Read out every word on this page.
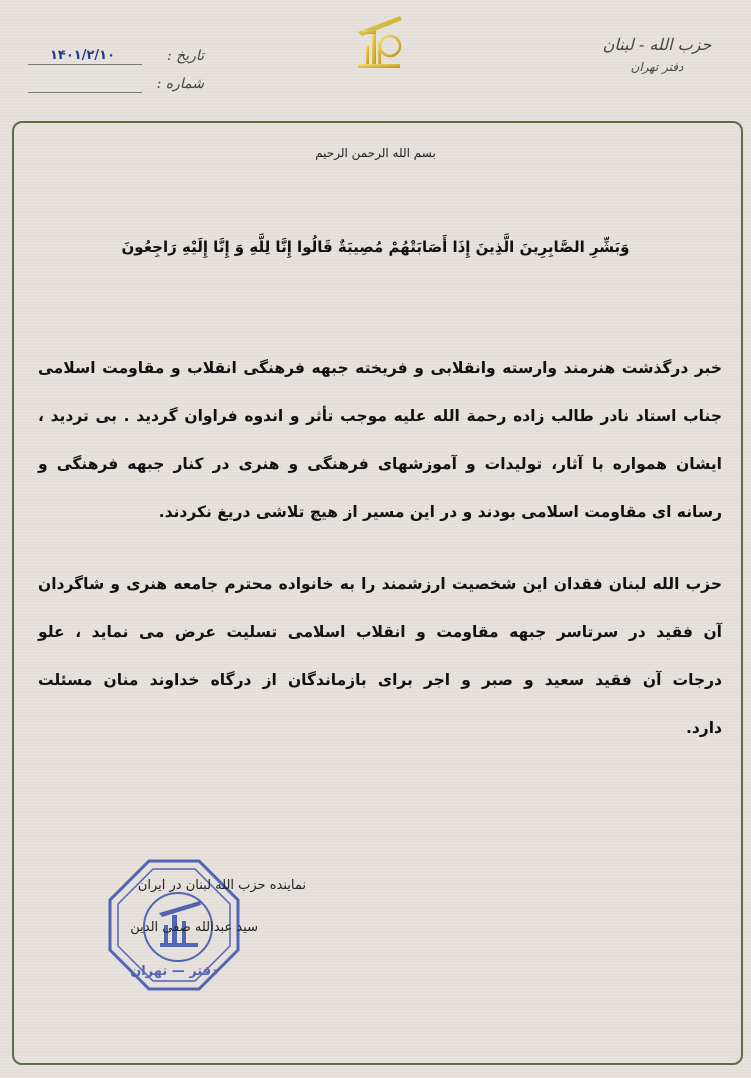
۱۴۰۱/۲/۱۰	تاریخ :
شماره :
حزب الله - لبنان
دفتر تهران
بسم الله الرحمن الرحیم
وَبَشِّرِ الصَّابِرِینَ الَّذِینَ إِذَا أَصَابَتْهُمْ مُصِیبَةٌ قَالُوا إِنَّا لِلَّهِ وَ إِنَّا إِلَیْهِ رَاجِعُونَ
خبر درگذشت هنرمند وارسته وانقلابی و فریخته جبهه فرهنگی انقلاب و مقاومت اسلامی
جناب استاد نادر طالب زاده رحمة الله علیه موجب تأثر و اندوه فراوان گردید . بی تردید ،
ایشان همواره با آثار، تولیدات و آموزشهای فرهنگی و هنری در کنار جبهه فرهنگی و
رسانه ای مقاومت اسلامی بودند و در این مسیر از هیچ تلاشی دریغ نکردند.
حزب الله لبنان فقدان این شخصیت ارزشمند را به خانواده محترم جامعه هنری و شاگردان
آن فقید در سرتاسر جبهه مقاومت و انقلاب اسلامی تسلیت عرض می نماید ، علو
درجات آن فقید سعید و صبر و اجر برای بازماندگان از درگاه خداوند منان مسئلت
دارد.
دفتر — تهران
نماینده حزب الله لبنان در ایران
سید عبدالله صفی الدین
